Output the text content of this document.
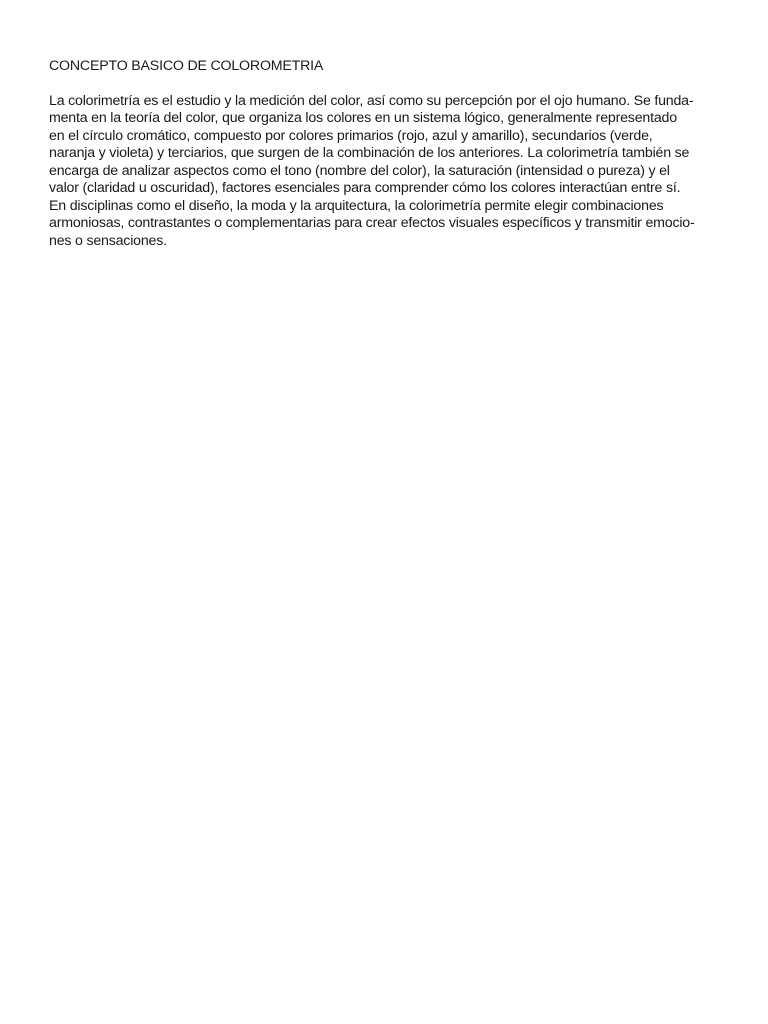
CONCEPTO BASICO DE COLOROMETRIA

La colorimetría es el estudio y la medición del color, así como su percepción por el ojo humano. Se funda-
menta en la teoría del color, que organiza los colores en un sistema lógico, generalmente representado
en el círculo cromático, compuesto por colores primarios (rojo, azul y amarillo), secundarios (verde,
naranja y violeta) y terciarios, que surgen de la combinación de los anteriores. La colorimetría también se
encarga de analizar aspectos como el tono (nombre del color), la saturación (intensidad o pureza) y el
valor (claridad u oscuridad), factores esenciales para comprender cómo los colores interactúan entre sí.
En disciplinas como el diseño, la moda y la arquitectura, la colorimetría permite elegir combinaciones
armoniosas, contrastantes o complementarias para crear efectos visuales específicos y transmitir emocio-
nes o sensaciones.
